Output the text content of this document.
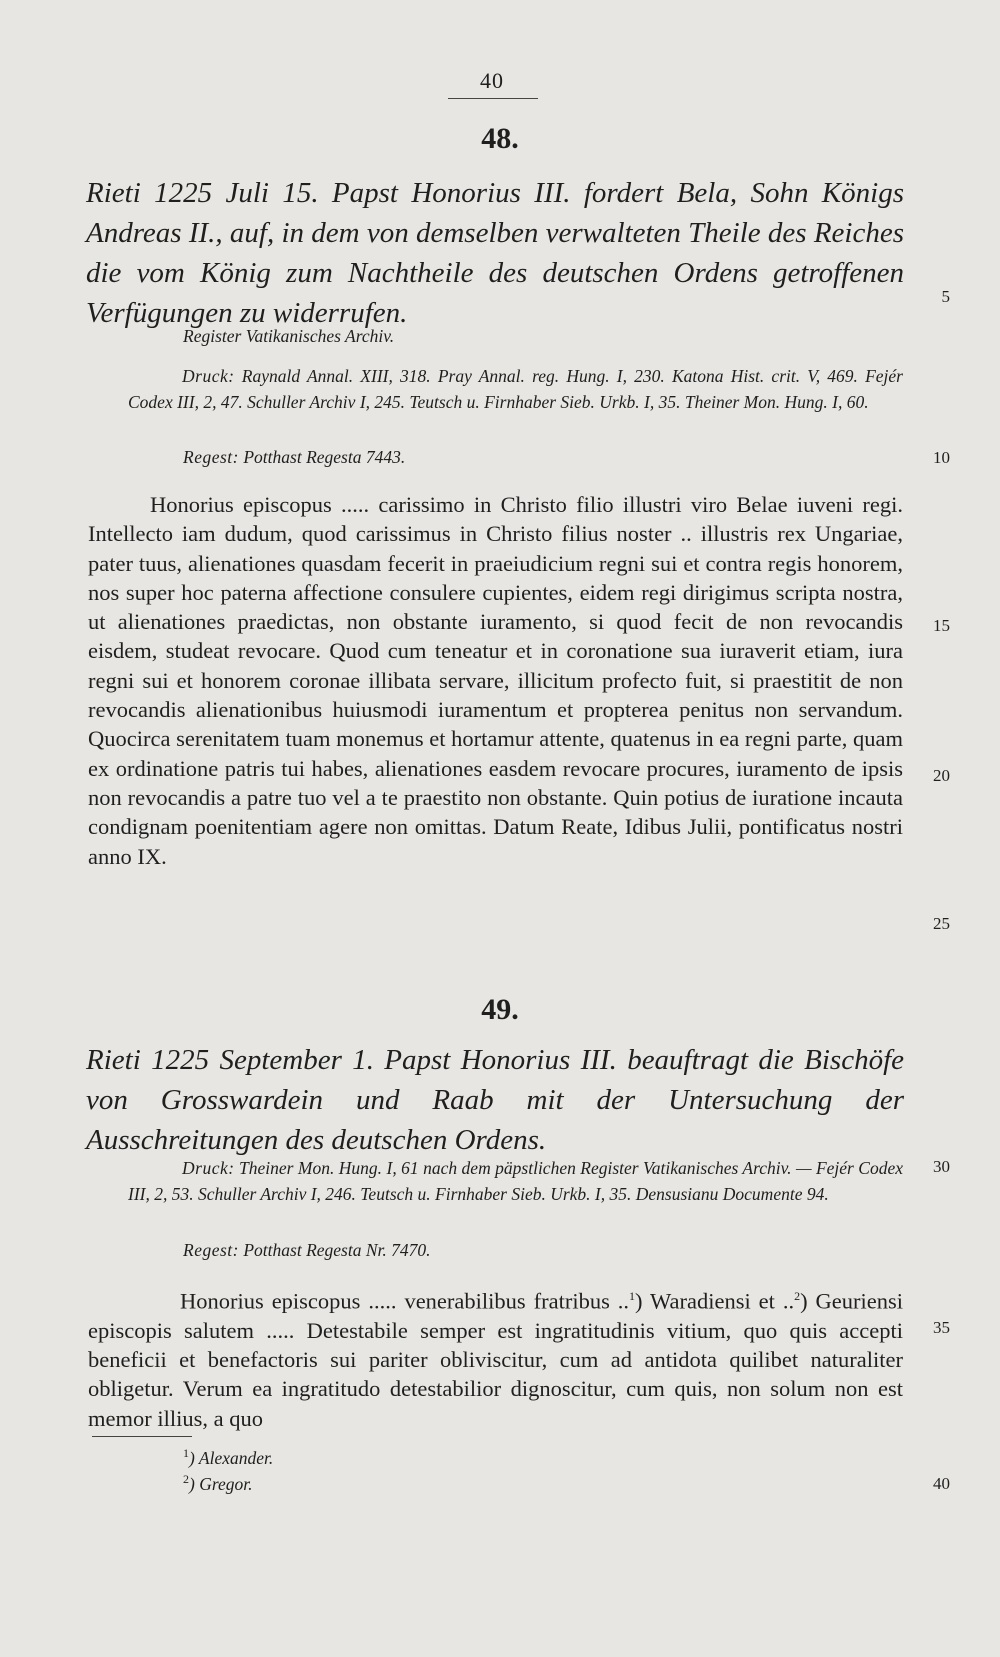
40
48.
Rieti 1225 Juli 15. Papst Honorius III. fordert Bela, Sohn Königs Andreas II., auf, in dem von demselben verwalteten Theile des Reiches die vom König zum Nachtheile des deutschen Ordens getroffenen Verfügungen zu widerrufen.
Register Vatikanisches Archiv.
Druck: Raynald Annal. XIII, 318. Pray Annal. reg. Hung. I, 230. Katona Hist. crit. V, 469. Fejér Codex III, 2, 47. Schuller Archiv I, 245. Teutsch u. Firnhaber Sieb. Urkb. I, 35. Theiner Mon. Hung. I, 60.
Regest: Potthast Regesta 7443.
Honorius episcopus ..... carissimo in Christo filio illustri viro Belae iuveni regi. Intellecto iam dudum, quod carissimus in Christo filius noster .. illustris rex Ungariae, pater tuus, alienationes quasdam fecerit in praeiudicium regni sui et contra regis honorem, nos super hoc paterna affectione consulere cupientes, eidem regi dirigimus scripta nostra, ut alienationes praedictas, non obstante iuramento, si quod fecit de non revocandis eisdem, studeat revocare. Quod cum teneatur et in coronatione sua iuraverit etiam, iura regni sui et honorem coronae illibata servare, illicitum profecto fuit, si praestitit de non revocandis alienationibus huiusmodi iuramentum et propterea penitus non servandum. Quocirca serenitatem tuam monemus et hortamur attente, quatenus in ea regni parte, quam ex ordinatione patris tui habes, alienationes easdem revocare procures, iuramento de ipsis non revocandis a patre tuo vel a te praestito non obstante. Quin potius de iuratione incauta condignam poenitentiam agere non omittas. Datum Reate, Idibus Julii, pontificatus nostri anno IX.
49.
Rieti 1225 September 1. Papst Honorius III. beauftragt die Bischöfe von Grosswardein und Raab mit der Untersuchung der Ausschreitungen des deutschen Ordens.
Druck: Theiner Mon. Hung. I, 61 nach dem päpstlichen Register Vatikanisches Archiv. — Fejér Codex III, 2, 53. Schuller Archiv I, 246. Teutsch u. Firnhaber Sieb. Urkb. I, 35. Densusianu Documente 94.
Regest: Potthast Regesta Nr. 7470.
Honorius episcopus ..... venerabilibus fratribus ..$^1$) Waradiensi et ..$^2$) Geuriensi episcopis salutem ..... Detestabile semper est ingratitudinis vitium, quo quis accepti beneficii et benefactoris sui pariter obliviscitur, cum ad antidota quilibet naturaliter obligetur. Verum ea ingratitudo detestabilior dignoscitur, cum quis, non solum non est memor illius, a quo
$^1$) Alexander.
$^2$) Gregor.
5
10
15
20
25
30
35
40
